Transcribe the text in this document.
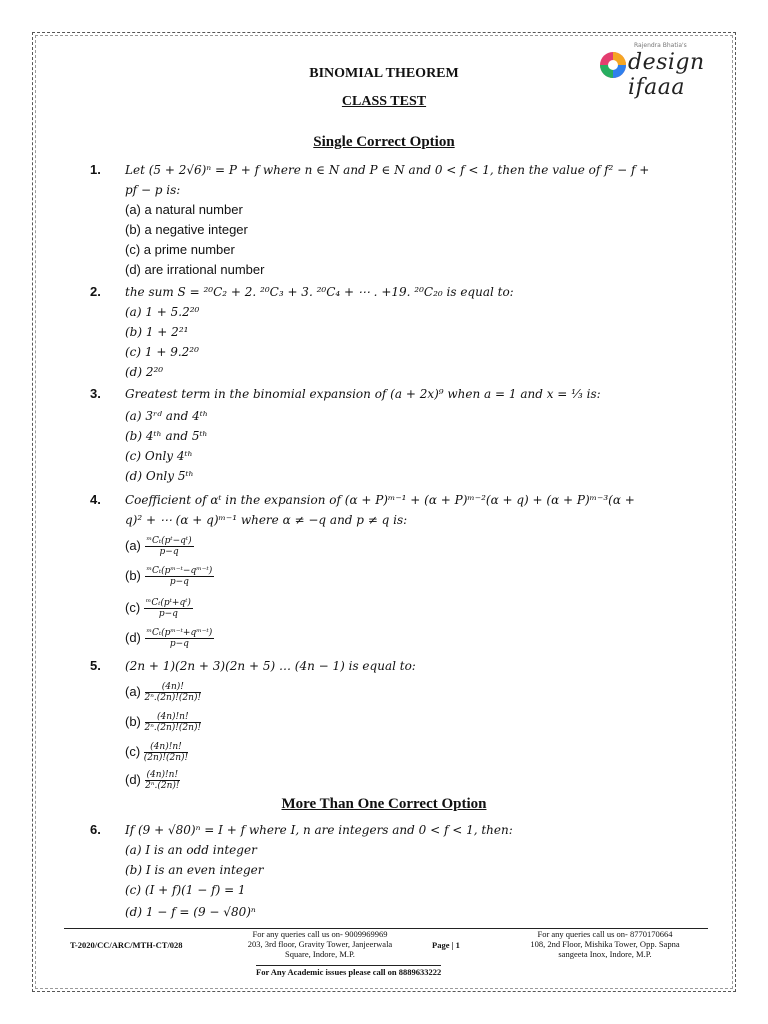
Rajendra Bhatia's
design ifaaa
BINOMIAL THEOREM
CLASS TEST
Single Correct Option
1. Let (5 + 2√6)ⁿ = P + f where n ∈ N and P ∈ N and 0 < f < 1, then the value of f² − f +
pf − p is:
(a) a natural number
(b) a negative integer
(c) a prime number
(d) are irrational number
2. the sum S = ²⁰C₂ + 2. ²⁰C₃ + 3. ²⁰C₄ + ⋯ . +19. ²⁰C₂₀ is equal to:
(a) 1 + 5.2²⁰
(b) 1 + 2²¹
(c) 1 + 9.2²⁰
(d) 2²⁰
3. Greatest term in the binomial expansion of (a + 2x)⁹ when a = 1 and x = ⅓ is:
(a) 3ʳᵈ and 4ᵗʰ
(b) 4ᵗʰ and 5ᵗʰ
(c) Only 4ᵗʰ
(d) Only 5ᵗʰ
4. Coefficient of αᵗ in the expansion of (α + P)ᵐ⁻¹ + (α + P)ᵐ⁻²(α + q) + (α + P)ᵐ⁻³(α +
q)² + ⋯ (α + q)ᵐ⁻¹ where α ≠ −q and p ≠ q is:
$(a) \frac{\text{ᵐCₜ(pᵗ−qᵗ)}}{p-q}$
$(b) \frac{\text{ᵐCₜ(pᵐ⁻ᵗ−qᵐ⁻ᵗ)}}{p-q}$
$(c) \frac{\text{ᵐCₜ(pᵗ+qᵗ)}}{p-q}$
$(d) \frac{\text{ᵐCₜ(pᵐ⁻ᵗ+qᵐ⁻ᵗ)}}{p-q}$
5. (2n + 1)(2n + 3)(2n + 5) … (4n − 1) is equal to:
$(a) \frac{(4n)!}{\text{2ⁿ.(2n)!(2n)!}}$
$(b) \frac{(4n)!n!}{\text{2ⁿ.(2n)!(2n)!}}$
$(c) \frac{(4n)!n!}{(2n)!(2n)!}$
$(d) \frac{(4n)!n!}{\text{2ⁿ.(2n)!}}$
More Than One Correct Option
6. If (9 + √80)ⁿ = I + f where I, n are integers and 0 < f < 1, then:
(a) I is an odd integer
(b) I is an even integer
(c) (I + f)(1 − f) = 1
(d) 1 − f = (9 − √80)ⁿ
T-2020/CC/ARC/MTH-CT/028
For any queries call us on- 9009969969
203, 3rd floor, Gravity Tower, Janjeerwala
Square, Indore, M.P.
Page | 1
For any queries call us on- 8770170664
108, 2nd Floor, Mishika Tower, Opp. Sapna
sangeeta Inox, Indore, M.P.
For Any Academic issues please call on 8889633222
